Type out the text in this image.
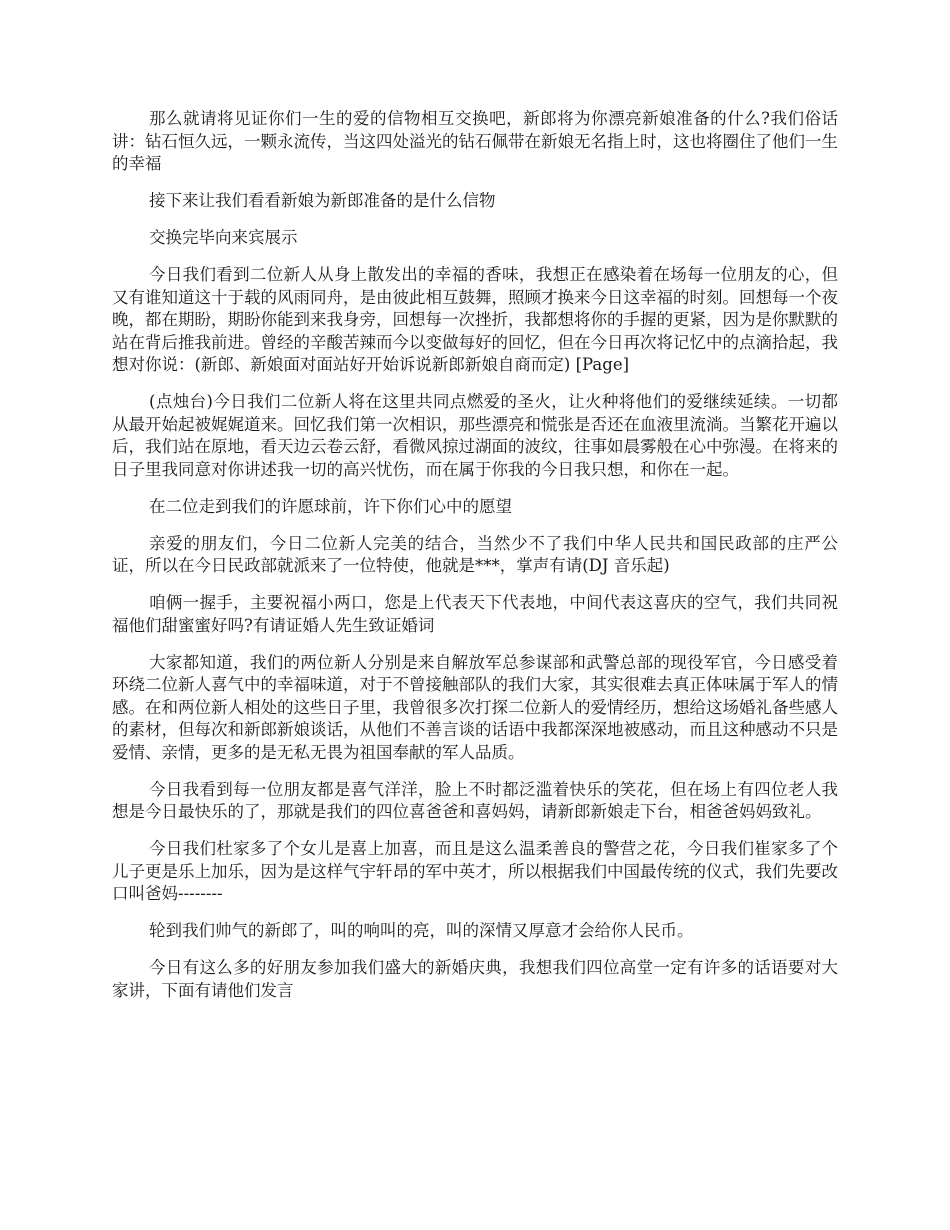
那么就请将见证你们一生的爱的信物相互交换吧，新郎将为你漂亮新娘准备的什么?我们俗话讲：钻石恒久远，一颗永流传，当这四处溢光的钻石佩带在新娘无名指上时，这也将圈住了他们一生的幸福

接下来让我们看看新娘为新郎准备的是什么信物

交换完毕向来宾展示

今日我们看到二位新人从身上散发出的幸福的香味，我想正在感染着在场每一位朋友的心，但又有谁知道这十于载的风雨同舟，是由彼此相互鼓舞，照顾才换来今日这幸福的时刻。回想每一个夜晚，都在期盼，期盼你能到来我身旁，回想每一次挫折，我都想将你的手握的更紧，因为是你默默的站在背后推我前进。曾经的辛酸苦辣而今以变做每好的回忆，但在今日再次将记忆中的点滴拾起，我想对你说：(新郎、新娘面对面站好开始诉说新郎新娘自商而定) [Page]

(点烛台)今日我们二位新人将在这里共同点燃爱的圣火，让火种将他们的爱继续延续。一切都从最开始起被娓娓道来。回忆我们第一次相识，那些漂亮和慌张是否还在血液里流淌。当繁花开遍以后，我们站在原地，看天边云卷云舒，看微风掠过湖面的波纹，往事如晨雾般在心中弥漫。在将来的日子里我同意对你讲述我一切的高兴忧伤，而在属于你我的今日我只想，和你在一起。

在二位走到我们的许愿球前，许下你们心中的愿望

亲爱的朋友们，今日二位新人完美的结合，当然少不了我们中华人民共和国民政部的庄严公证，所以在今日民政部就派来了一位特使，他就是***，掌声有请(DJ 音乐起)

咱俩一握手，主要祝福小两口，您是上代表天下代表地，中间代表这喜庆的空气，我们共同祝福他们甜蜜蜜好吗?有请证婚人先生致证婚词

大家都知道，我们的两位新人分别是来自解放军总参谋部和武警总部的现役军官，今日感受着环绕二位新人喜气中的幸福味道，对于不曾接触部队的我们大家，其实很难去真正体味属于军人的情感。在和两位新人相处的这些日子里，我曾很多次打探二位新人的爱情经历，想给这场婚礼备些感人的素材，但每次和新郎新娘谈话，从他们不善言谈的话语中我都深深地被感动，而且这种感动不只是爱情、亲情，更多的是无私无畏为祖国奉献的军人品质。

今日我看到每一位朋友都是喜气洋洋，脸上不时都泛滥着快乐的笑花，但在场上有四位老人我想是今日最快乐的了，那就是我们的四位喜爸爸和喜妈妈，请新郎新娘走下台，相爸爸妈妈致礼。

今日我们杜家多了个女儿是喜上加喜，而且是这么温柔善良的警营之花，今日我们崔家多了个儿子更是乐上加乐，因为是这样气宇轩昂的军中英才，所以根据我们中国最传统的仪式，我们先要改口叫爸妈--------

轮到我们帅气的新郎了，叫的响叫的亮，叫的深情又厚意才会给你人民币。

今日有这么多的好朋友参加我们盛大的新婚庆典，我想我们四位高堂一定有许多的话语要对大家讲，下面有请他们发言
